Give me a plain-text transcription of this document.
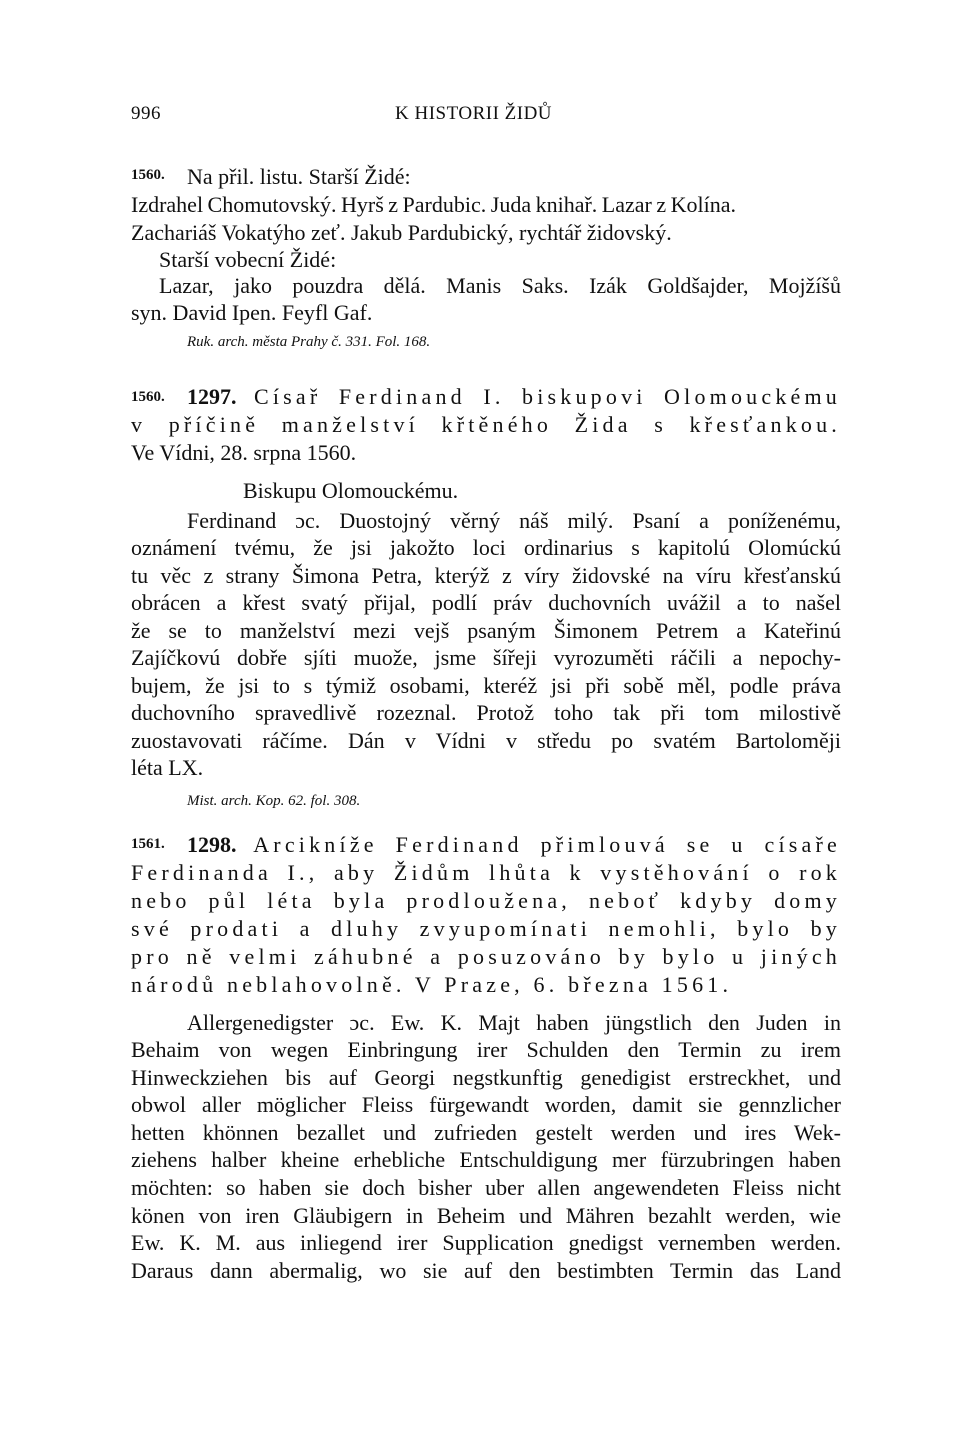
996	K HISTORII ŽIDŮ
1560. Na přil. listu. Starší Židé:
Izdrahel Chomutovský. Hyrš z Pardubic. Juda knihař. Lazar z Kolína.
Zachariáš Vokatýho zeť. Jakub Pardubický, rychtář židovský.
Starší vobecní Židé:
Lazar, jako pouzdra dělá. Manis Saks. Izák Goldšajder, Mojžíšů
syn. David Ipen. Feyfl Gaf.
Ruk. arch. města Prahy č. 331. Fol. 168.
1560. 1297. Císař Ferdinand I. biskupovi Olomouckému
v příčině manželství křtěného Žida s křesťankou.
Ve Vídni, 28. srpna 1560.
Biskupu Olomouckému.
Ferdinand ɔc. Duostojný věrný náš milý. Psaní a poníženému,
oznámení tvému, že jsi jakožto loci ordinarius s kapitolú Olomúckú
tu věc z strany Šimona Petra, kterýž z víry židovské na víru křesťanskú
obrácen a křest svatý přijal, podlí práv duchovních uvážil a to našel
že se to manželství mezi vejš psaným Šimonem Petrem a Kateřinú
Zajíčkovú dobře sjíti muože, jsme šířeji vyrozuměti ráčili a nepochy-
bujem, že jsi to s týmiž osobami, kteréž jsi při sobě měl, podle práva
duchovního spravedlivě rozeznal. Protož toho tak při tom milostivě
zuostavovati ráčíme. Dán v Vídni v středu po svatém Bartoloměji
léta LX.
Mist. arch. Kop. 62. fol. 308.
1561. 1298. Arcikníže Ferdinand přimlouvá se u císaře
Ferdinanda I., aby Židům lhůta k vystěhování o rok
nebo půl léta byla prodloužena, neboť kdyby domy
své prodati a dluhy zvyupomínati nemohli, bylo by
pro ně velmi záhubné a posuzováno by bylo u jiných
národů neblahovolně. V Praze, 6. března 1561.
Allergenedigster ɔc. Ew. K. Majt haben jüngstlich den Juden in
Behaim von wegen Einbringung irer Schulden den Termin zu irem
Hinweckziehen bis auf Georgi negstkunftig genedigist erstreckhet, und
obwol aller möglicher Fleiss fürgewandt worden, damit sie gennzlicher
hetten khönnen bezallet und zufrieden gestelt werden und ires Wek-
ziehens halber kheine erhebliche Entschuldigung mer fürzubringen haben
möchten: so haben sie doch bisher uber allen angewendeten Fleiss nicht
könen von iren Gläubigern in Beheim und Mähren bezahlt werden, wie
Ew. K. M. aus inliegend irer Supplication gnedigst vernemben werden.
Daraus dann abermalig, wo sie auf den bestimbten Termin das Land
